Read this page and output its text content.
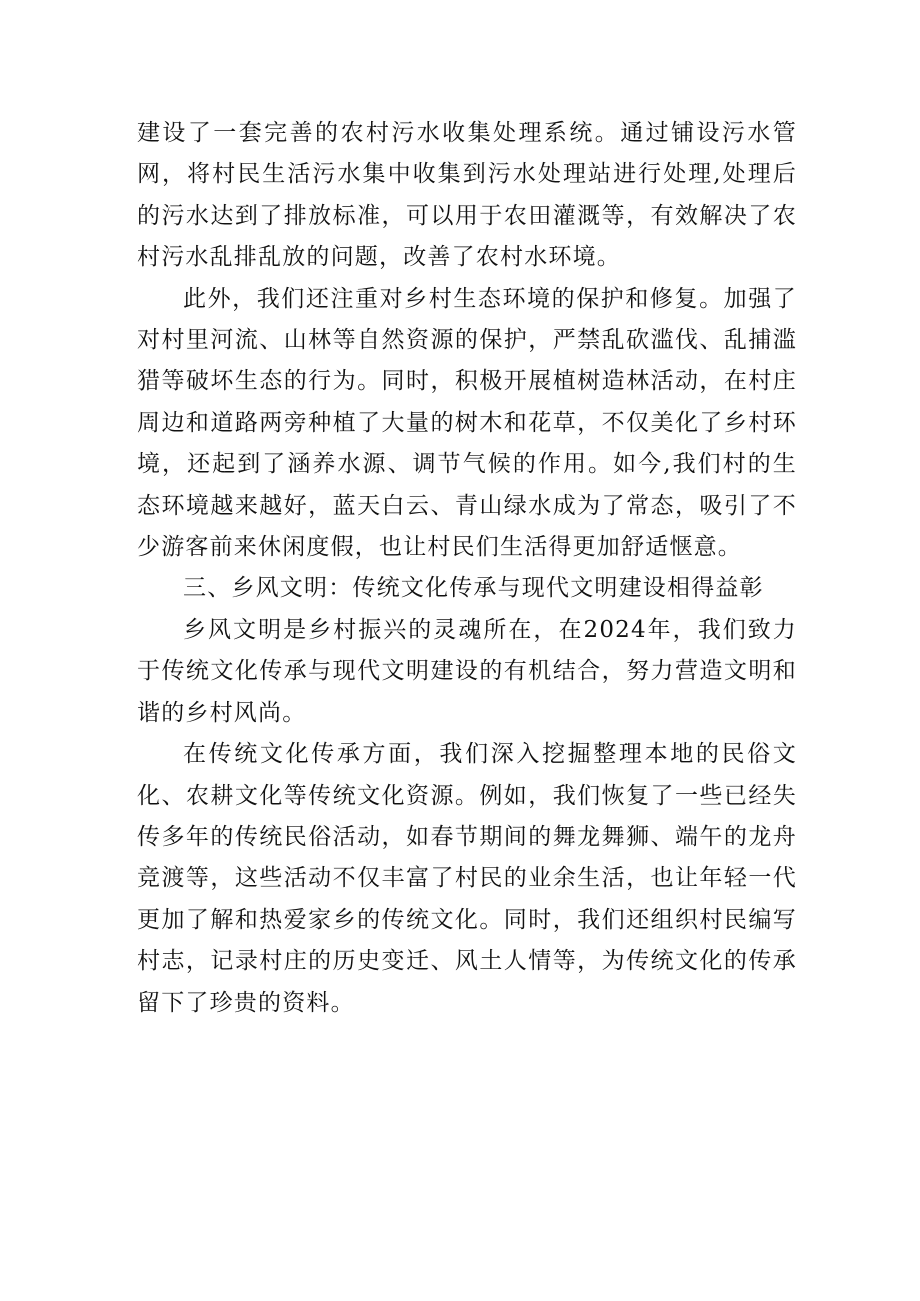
建设了一套完善的农村污水收集处理系统。通过铺设污水管网，将村民生活污水集中收集到污水处理站进行处理,处理后的污水达到了排放标准，可以用于农田灌溉等，有效解决了农村污水乱排乱放的问题，改善了农村水环境。

此外，我们还注重对乡村生态环境的保护和修复。加强了对村里河流、山林等自然资源的保护，严禁乱砍滥伐、乱捕滥猎等破坏生态的行为。同时，积极开展植树造林活动，在村庄周边和道路两旁种植了大量的树木和花草，不仅美化了乡村环境，还起到了涵养水源、调节气候的作用。如今,我们村的生态环境越来越好，蓝天白云、青山绿水成为了常态，吸引了不少游客前来休闲度假，也让村民们生活得更加舒适惬意。

三、乡风文明：传统文化传承与现代文明建设相得益彰

乡风文明是乡村振兴的灵魂所在，在2024年，我们致力于传统文化传承与现代文明建设的有机结合，努力营造文明和谐的乡村风尚。

在传统文化传承方面，我们深入挖掘整理本地的民俗文化、农耕文化等传统文化资源。例如，我们恢复了一些已经失传多年的传统民俗活动，如春节期间的舞龙舞狮、端午的龙舟竞渡等，这些活动不仅丰富了村民的业余生活，也让年轻一代更加了解和热爱家乡的传统文化。同时，我们还组织村民编写村志，记录村庄的历史变迁、风土人情等，为传统文化的传承留下了珍贵的资料。
